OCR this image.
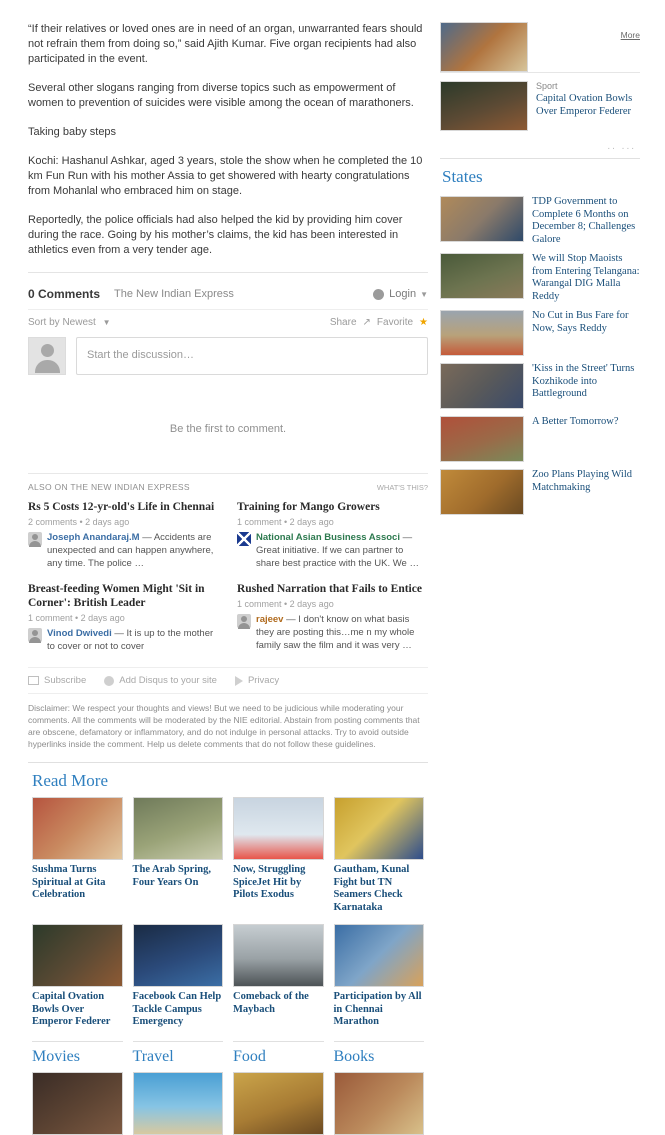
“If their relatives or loved ones are in need of an organ, unwarranted fears should not refrain them from doing so,” said Ajith Kumar. Five organ recipients had also participated in the event.

Several other slogans ranging from diverse topics such as empowerment of women to prevention of suicides were visible among the ocean of marathoners.

Taking baby steps

Kochi: Hashanul Ashkar, aged 3 years, stole the show when he completed the 10 km Fun Run with his mother Assia to get showered with hearty congratulations from Mohanlal who embraced him on stage.

Reportedly, the police officials had also helped the kid by providing him cover during the race. Going by his mother’s claims, the kid has been interested in athletics even from a very tender age.

0 Comments The New Indian Express	Login ▼
Sort by Newest ▼	Share ↗ Favorite ★
Start the discussion…
Be the first to comment.
ALSO ON THE NEW INDIAN EXPRESS	WHAT'S THIS?
Rs 5 Costs 12-yr-old's Life in Chennai
2 comments • 2 days ago
Joseph Anandaraj.M — Accidents are unexpected and can happen anywhere, any time. The police …
Training for Mango Growers
1 comment • 2 days ago
National Asian Business Associ — Great initiative. If we can partner to share best practice with the UK. We …
Breast-feeding Women Might 'Sit in Corner': British Leader
1 comment • 2 days ago
Vinod Dwivedi — It is up to the mother to cover or not to cover
Rushed Narration that Fails to Entice
1 comment • 2 days ago
rajeev — I don't know on what basis they are posting this…me n my whole family saw the film and it was very …
Subscribe	Add Disqus to your site	Privacy
Disclaimer: We respect your thoughts and views! But we need to be judicious while moderating your comments. All the comments will be moderated by the NIE editorial. Abstain from posting comments that are obscene, defamatory or inflammatory, and do not indulge in personal attacks. Try to avoid outside hyperlinks inside the comment. Help us delete comments that do not follow these guidelines.
Read More
Sushma Turns Spiritual at Gita Celebration
The Arab Spring, Four Years On
Now, Struggling SpiceJet Hit by Pilots Exodus
Gautham, Kunal Fight but TN Seamers Check Karnataka
Capital Ovation Bowls Over Emperor Federer
Facebook Can Help Tackle Campus Emergency
Comeback of the Maybach
Participation by All in Chennai Marathon
Movies	Travel	Food	Books
More
Sport
Capital Ovation Bowls Over Emperor Federer
.. ...
States
TDP Government to Complete 6 Months on December 8; Challenges Galore
We will Stop Maoists from Entering Telangana: Warangal DIG Malla Reddy
No Cut in Bus Fare for Now, Says Reddy
'Kiss in the Street' Turns Kozhikode into Battleground
A Better Tomorrow?
Zoo Plans Playing Wild Matchmaking
